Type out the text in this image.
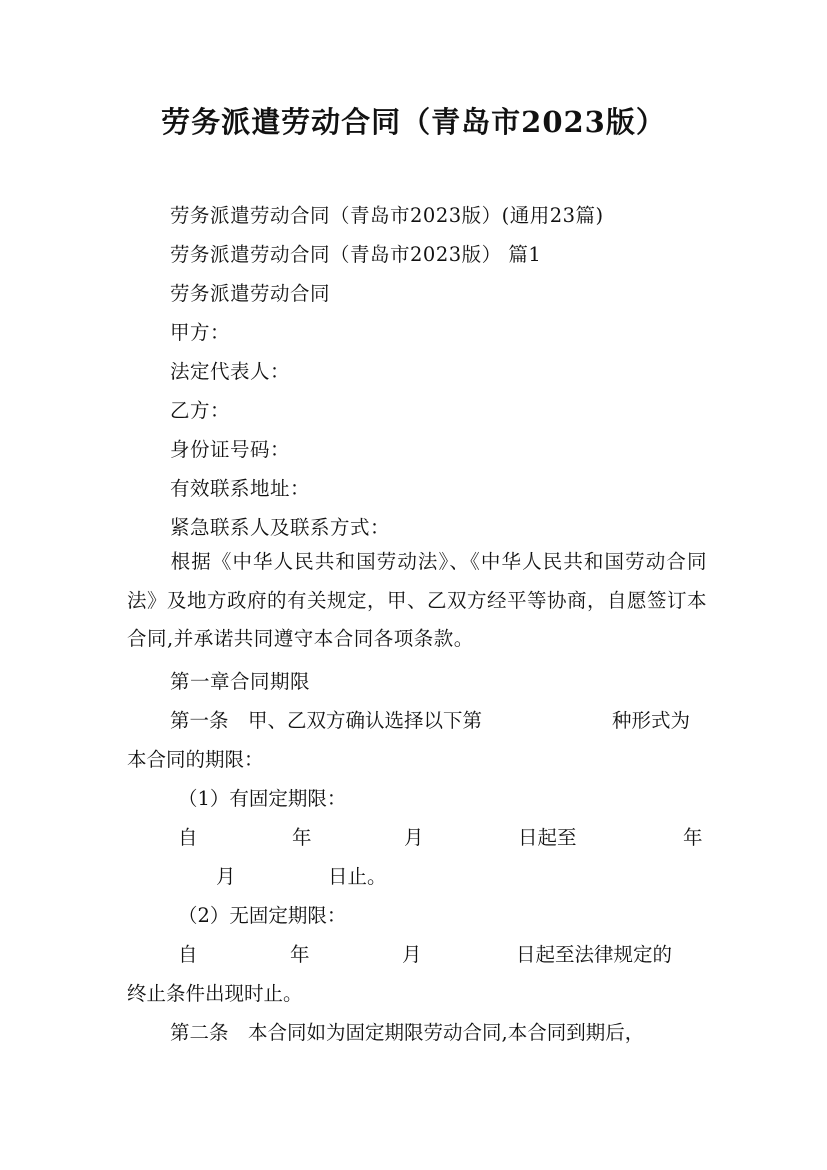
劳务派遣劳动合同（青岛市2023版）
劳务派遣劳动合同（青岛市2023版）(通用23篇)
劳务派遣劳动合同（青岛市2023版） 篇1
劳务派遣劳动合同
甲方：
法定代表人：
乙方：
身份证号码：
有效联系地址：
紧急联系人及联系方式：
根据《中华人民共和国劳动法》、《中华人民共和国劳动合同法》及地方政府的有关规定，甲、乙双方经平等协商，自愿签订本合同,并承诺共同遵守本合同各项条款。
第一章合同期限
第一条　甲、乙双方确认选择以下第	种形式为
本合同的期限：
（1）有固定期限：
自	年	月	日起至	年
月	日止。
（2）无固定期限：
自	年	月	日起至法律规定的
终止条件出现时止。
第二条　本合同如为固定期限劳动合同,本合同到期后，
